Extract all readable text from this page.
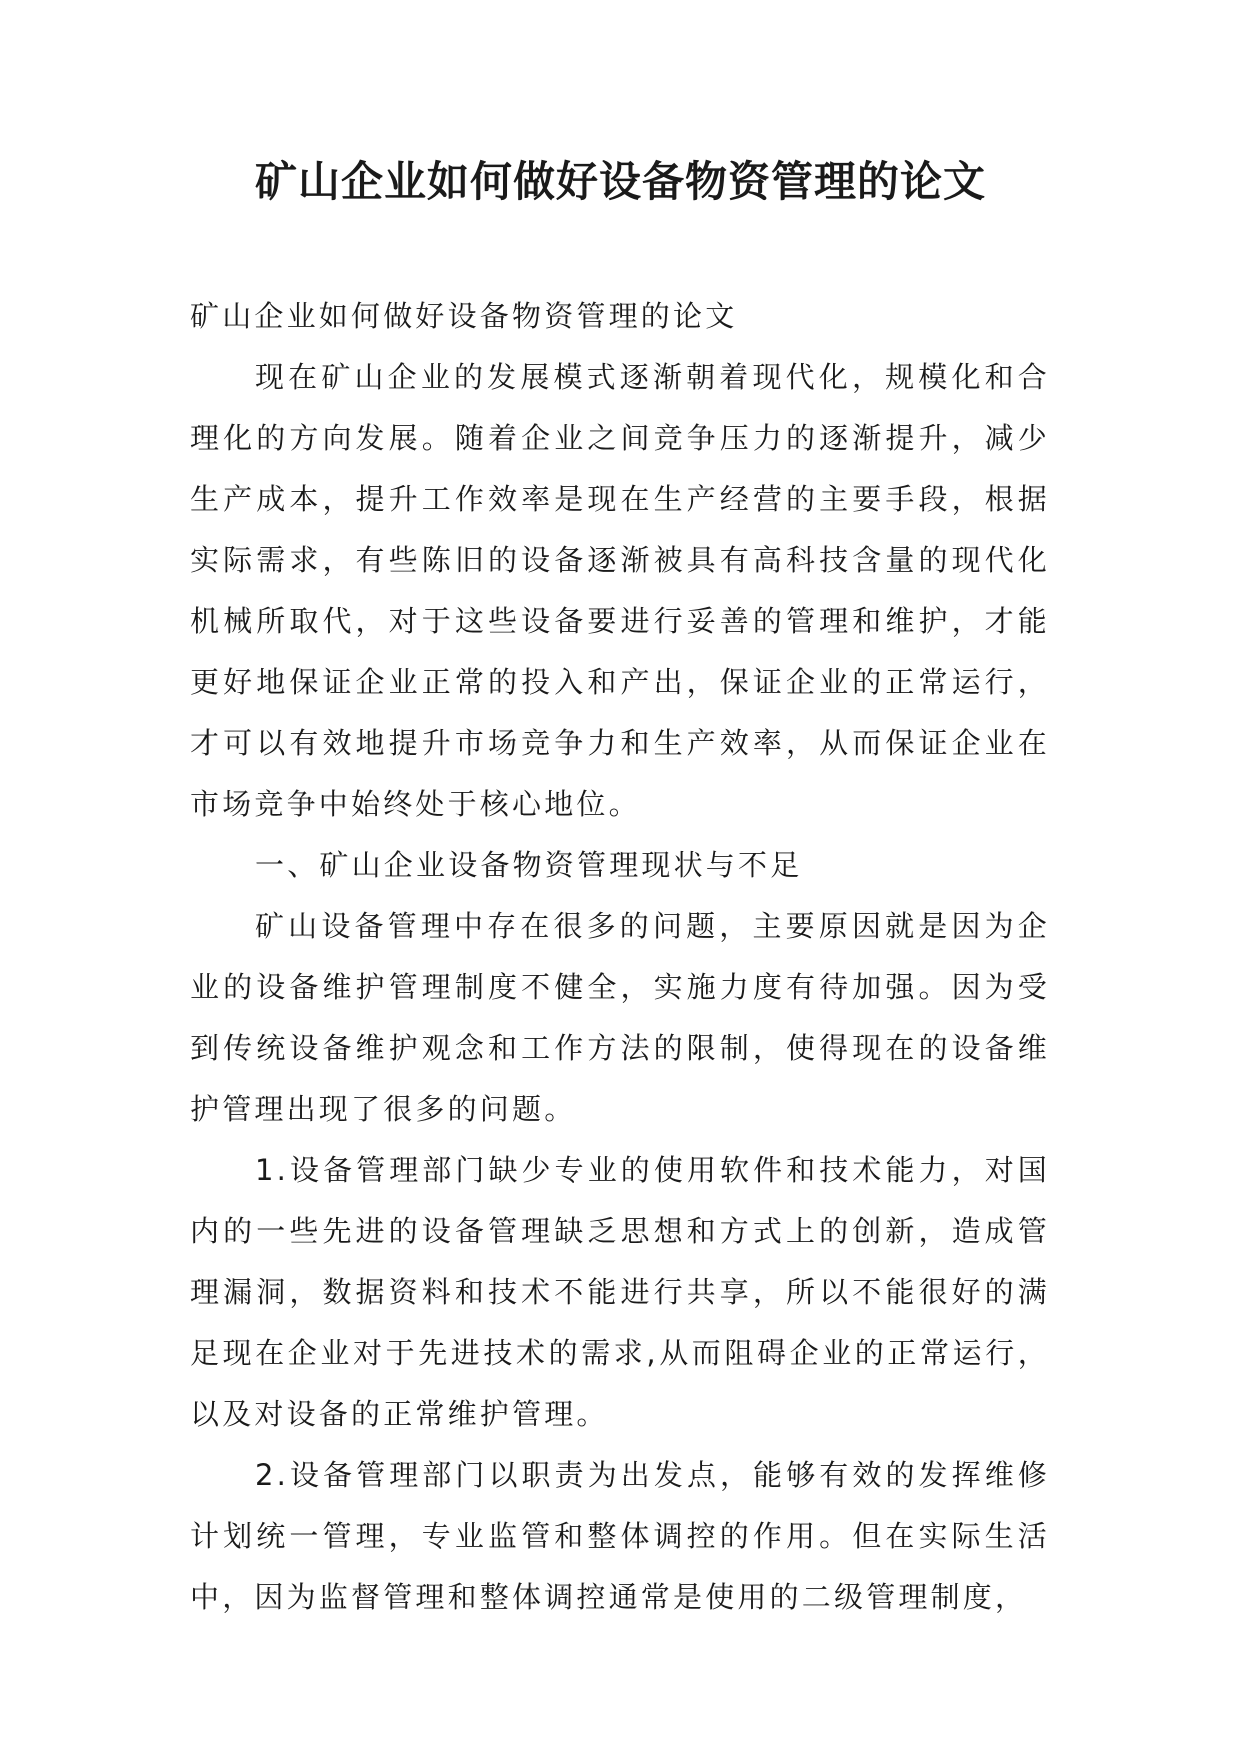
矿山企业如何做好设备物资管理的论文

矿山企业如何做好设备物资管理的论文

现在矿山企业的发展模式逐渐朝着现代化，规模化和合理化的方向发展。随着企业之间竞争压力的逐渐提升，减少生产成本，提升工作效率是现在生产经营的主要手段，根据实际需求，有些陈旧的设备逐渐被具有高科技含量的现代化机械所取代，对于这些设备要进行妥善的管理和维护，才能更好地保证企业正常的投入和产出，保证企业的正常运行，才可以有效地提升市场竞争力和生产效率，从而保证企业在市场竞争中始终处于核心地位。

一、矿山企业设备物资管理现状与不足

矿山设备管理中存在很多的问题，主要原因就是因为企业的设备维护管理制度不健全，实施力度有待加强。因为受到传统设备维护观念和工作方法的限制，使得现在的设备维护管理出现了很多的问题。

1.设备管理部门缺少专业的使用软件和技术能力，对国内的一些先进的设备管理缺乏思想和方式上的创新，造成管理漏洞，数据资料和技术不能进行共享，所以不能很好的满足现在企业对于先进技术的需求,从而阻碍企业的正常运行，以及对设备的正常维护管理。

2.设备管理部门以职责为出发点，能够有效的发挥维修计划统一管理，专业监管和整体调控的作用。但在实际生活中，因为监督管理和整体调控通常是使用的二级管理制度，
